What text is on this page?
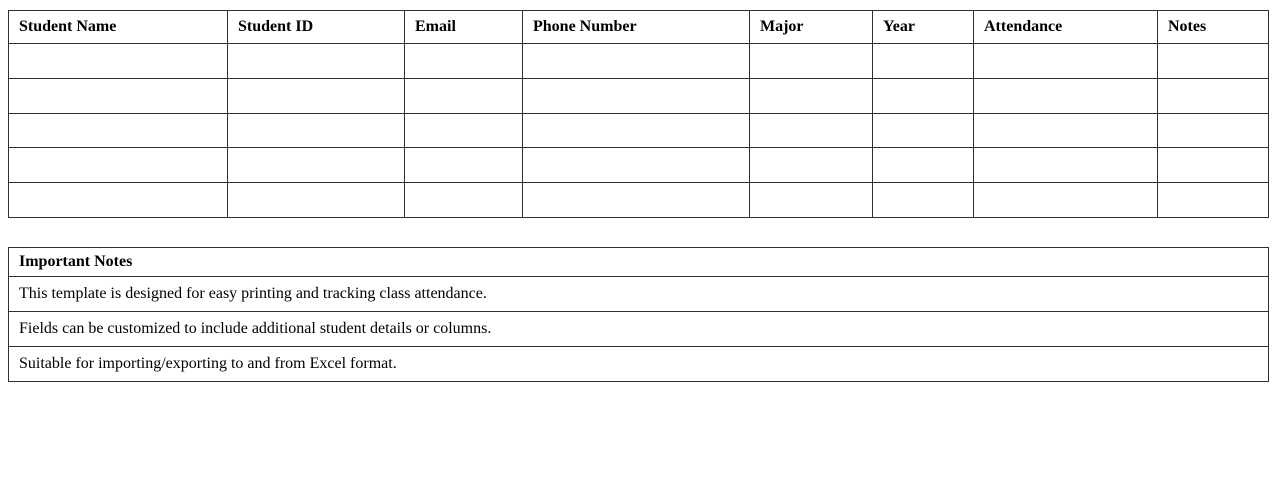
Student Name	Student ID	Email	Phone Number	Major	Year	Attendance	Notes

Important Notes
This template is designed for easy printing and tracking class attendance.
Fields can be customized to include additional student details or columns.
Suitable for importing/exporting to and from Excel format.
